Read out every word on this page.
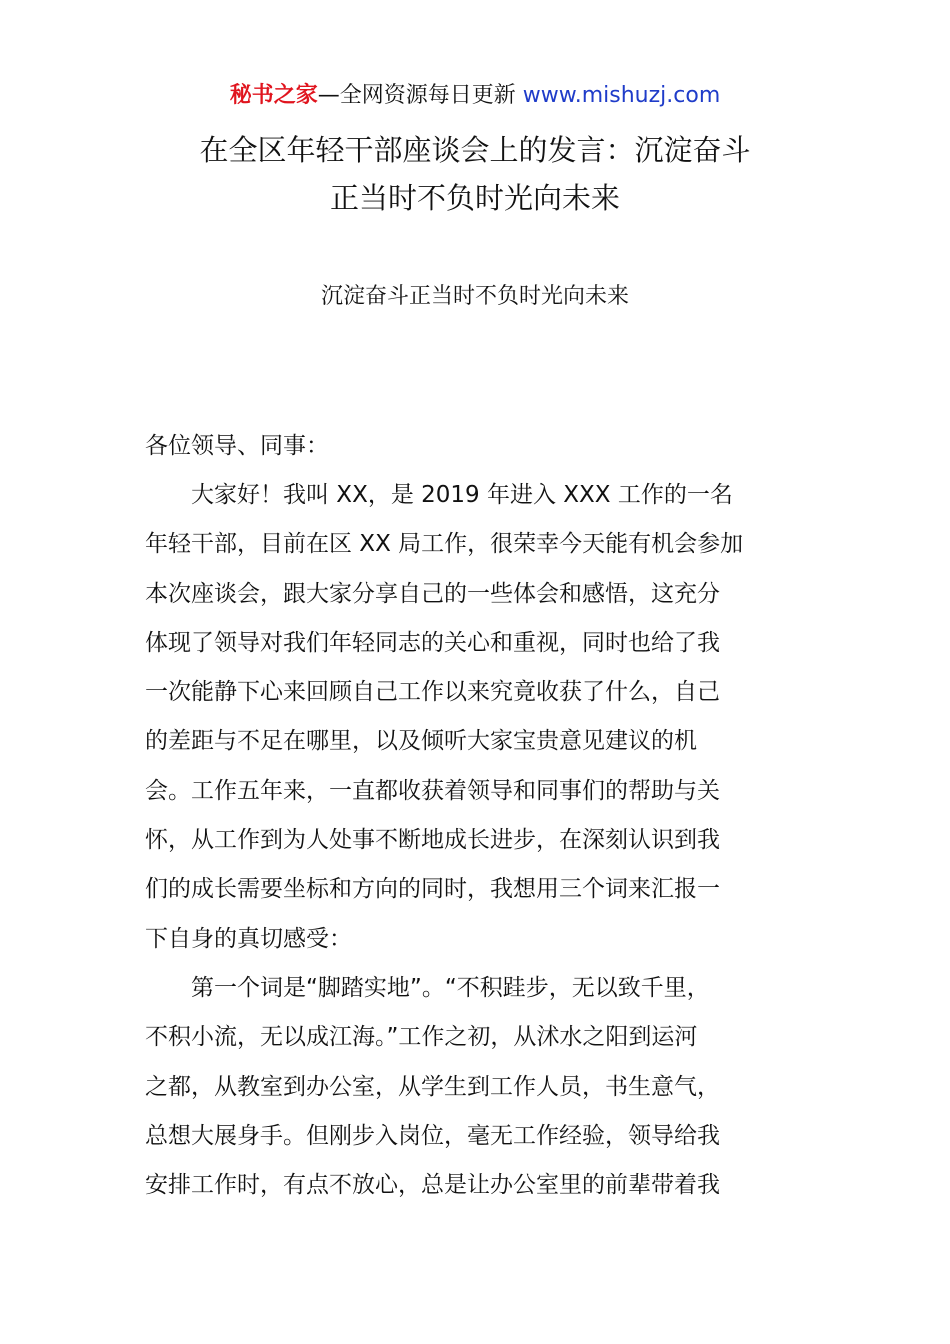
秘书之家—全网资源每日更新 www.mishuzj.com
在全区年轻干部座谈会上的发言：沉淀奋斗
正当时不负时光向未来
沉淀奋斗正当时不负时光向未来
各位领导、同事：
　　大家好！我叫 XX，是 2019 年进入 XXX 工作的一名
年轻干部，目前在区 XX 局工作，很荣幸今天能有机会参加
本次座谈会，跟大家分享自己的一些体会和感悟，这充分
体现了领导对我们年轻同志的关心和重视，同时也给了我
一次能静下心来回顾自己工作以来究竟收获了什么，自己
的差距与不足在哪里，以及倾听大家宝贵意见建议的机
会。工作五年来，一直都收获着领导和同事们的帮助与关
怀，从工作到为人处事不断地成长进步，在深刻认识到我
们的成长需要坐标和方向的同时，我想用三个词来汇报一
下自身的真切感受：
　　第一个词是“脚踏实地”。“不积跬步，无以致千里，
不积小流，无以成江海。”工作之初，从沭水之阳到运河
之都，从教室到办公室，从学生到工作人员，书生意气，
总想大展身手。但刚步入岗位，毫无工作经验，领导给我
安排工作时，有点不放心，总是让办公室里的前辈带着我
